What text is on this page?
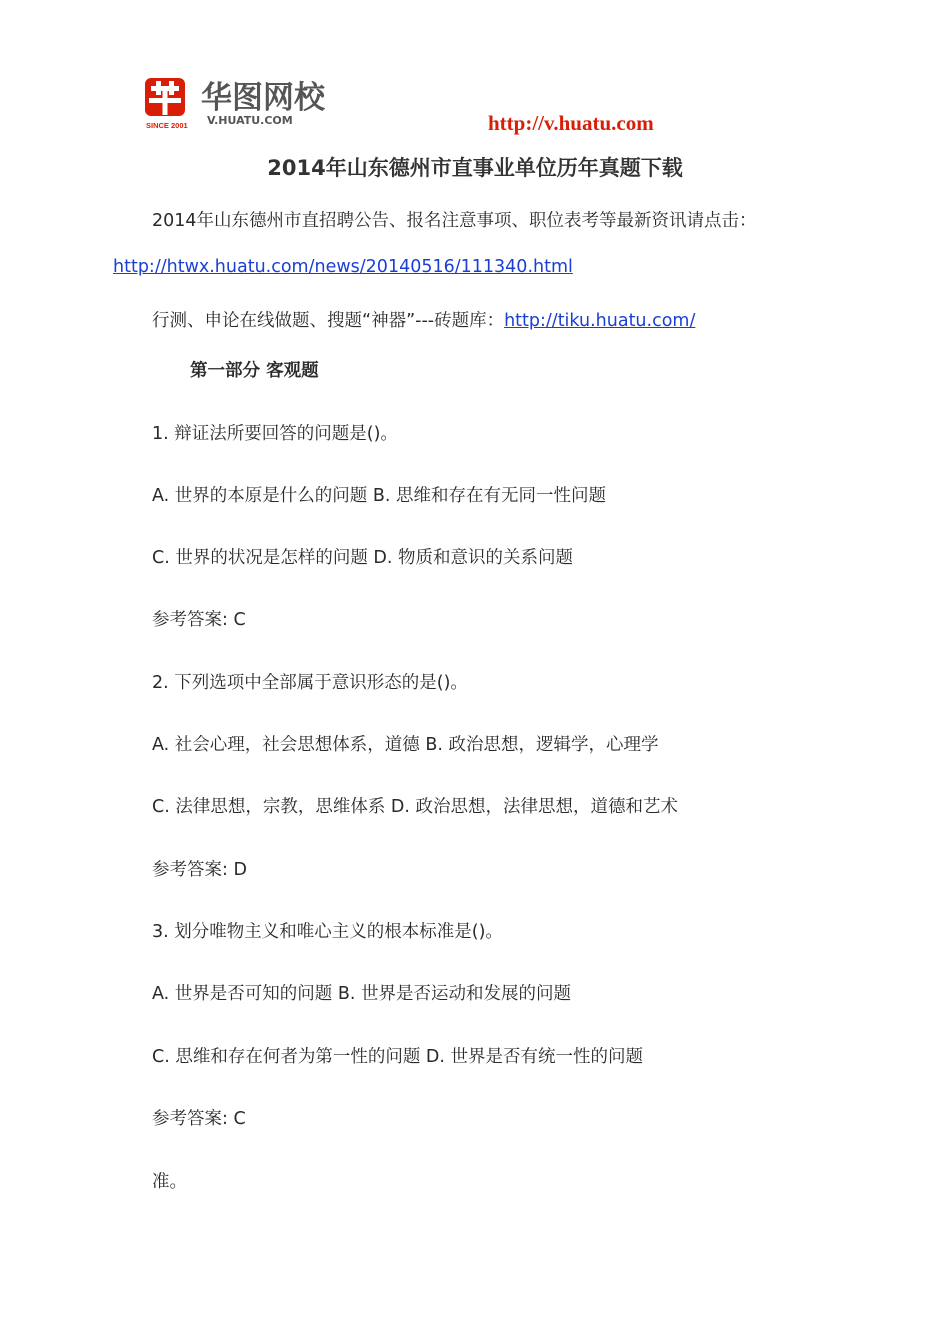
SINCE 2001
华图网校
V.HUATU.COM	http://v.huatu.com
2014年山东德州市直事业单位历年真题下载
2014年山东德州市直招聘公告、报名注意事项、职位表考等最新资讯请点击：
http://htwx.huatu.com/news/20140516/111340.html
行测、申论在线做题、搜题“神器”---砖题库：http://tiku.huatu.com/
第一部分 客观题
1. 辩证法所要回答的问题是()。
A. 世界的本原是什么的问题 B. 思维和存在有无同一性问题
C. 世界的状况是怎样的问题 D. 物质和意识的关系问题
参考答案: C
2. 下列选项中全部属于意识形态的是()。
A. 社会心理，社会思想体系，道德 B. 政治思想，逻辑学，心理学
C. 法律思想，宗教，思维体系 D. 政治思想，法律思想，道德和艺术
参考答案: D
3. 划分唯物主义和唯心主义的根本标准是()。
A. 世界是否可知的问题 B. 世界是否运动和发展的问题
C. 思维和存在何者为第一性的问题 D. 世界是否有统一性的问题
参考答案: C
准。
